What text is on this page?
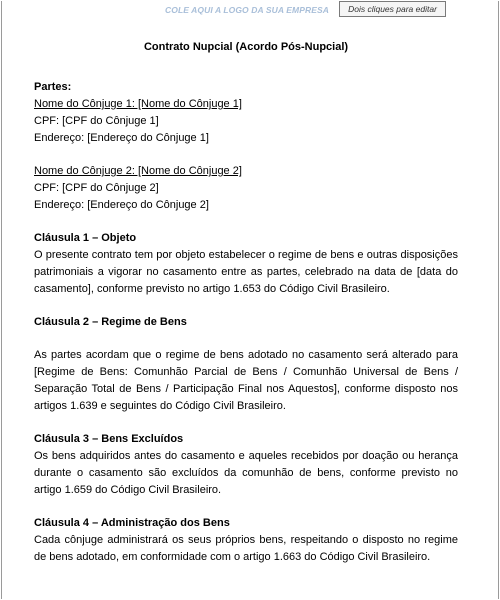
COLE AQUI A LOGO DA SUA EMPRESA	Dois cliques para editar

Contrato Nupcial (Acordo Pós-Nupcial)

Partes:

Nome do Cônjuge 1: [Nome do Cônjuge 1]

CPF: [CPF do Cônjuge 1]

Endereço: [Endereço do Cônjuge 1]

Nome do Cônjuge 2: [Nome do Cônjuge 2]

CPF: [CPF do Cônjuge 2]

Endereço: [Endereço do Cônjuge 2]

Cláusula 1 – Objeto

O presente contrato tem por objeto estabelecer o regime de bens e outras disposições patrimoniais a vigorar no casamento entre as partes, celebrado na data de [data do casamento], conforme previsto no artigo 1.653 do Código Civil Brasileiro.

Cláusula 2 – Regime de Bens

As partes acordam que o regime de bens adotado no casamento será alterado para [Regime de Bens: Comunhão Parcial de Bens / Comunhão Universal de Bens / Separação Total de Bens / Participação Final nos Aquestos], conforme disposto nos artigos 1.639 e seguintes do Código Civil Brasileiro.

Cláusula 3 – Bens Excluídos

Os bens adquiridos antes do casamento e aqueles recebidos por doação ou herança durante o casamento são excluídos da comunhão de bens, conforme previsto no artigo 1.659 do Código Civil Brasileiro.

Cláusula 4 – Administração dos Bens

Cada cônjuge administrará os seus próprios bens, respeitando o disposto no regime de bens adotado, em conformidade com o artigo 1.663 do Código Civil Brasileiro.
